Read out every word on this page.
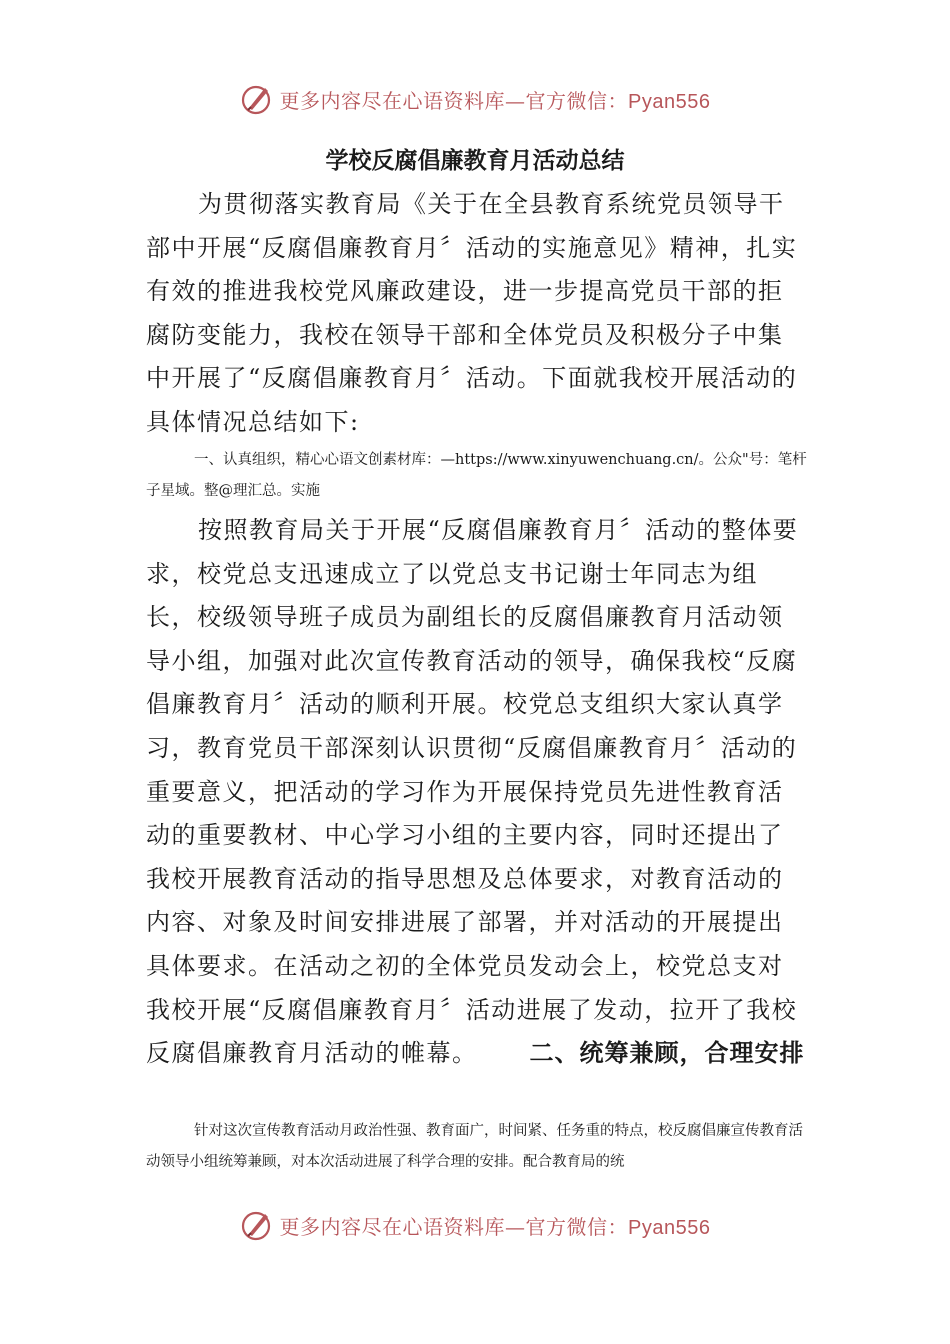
更多内容尽在心语资料库—官方微信：Pyan556
学校反腐倡廉教育月活动总结

为贯彻落实教育局《关于在全县教育系统党员领导干部中开展“反腐倡廉教育月〞活动的实施意见》精神，扎实有效的推进我校党风廉政建设，进一步提高党员干部的拒腐防变能力，我校在领导干部和全体党员及积极分子中集中开展了“反腐倡廉教育月〞活动。下面就我校开展活动的具体情况总结如下:

一、认真组织，精心心语文创素材库：—https://www.xinyuwenchuang.cn/。公众"号：笔杆子星域。整@理汇总。实施

按照教育局关于开展“反腐倡廉教育月〞活动的整体要求，校党总支迅速成立了以党总支书记谢士年同志为组长，校级领导班子成员为副组长的反腐倡廉教育月活动领导小组，加强对此次宣传教育活动的领导，确保我校“反腐倡廉教育月〞活动的顺利开展。校党总支组织大家认真学习，教育党员干部深刻认识贯彻“反腐倡廉教育月〞活动的重要意义，把活动的学习作为开展保持党员先进性教育活动的重要教材、中心学习小组的主要内容，同时还提出了我校开展教育活动的指导思想及总体要求，对教育活动的内容、对象及时间安排进展了部署，并对活动的开展提出具体要求。在活动之初的全体党员发动会上，校党总支对我校开展“反腐倡廉教育月〞活动进展了发动，拉开了我校反腐倡廉教育月活动的帷幕。 二、统筹兼顾，合理安排

针对这次宣传教育活动月政治性强、教育面广，时间紧、任务重的特点，校反腐倡廉宣传教育活动领导小组统筹兼顾，对本次活动进展了科学合理的安排。配合教育局的统

更多内容尽在心语资料库—官方微信：Pyan556
